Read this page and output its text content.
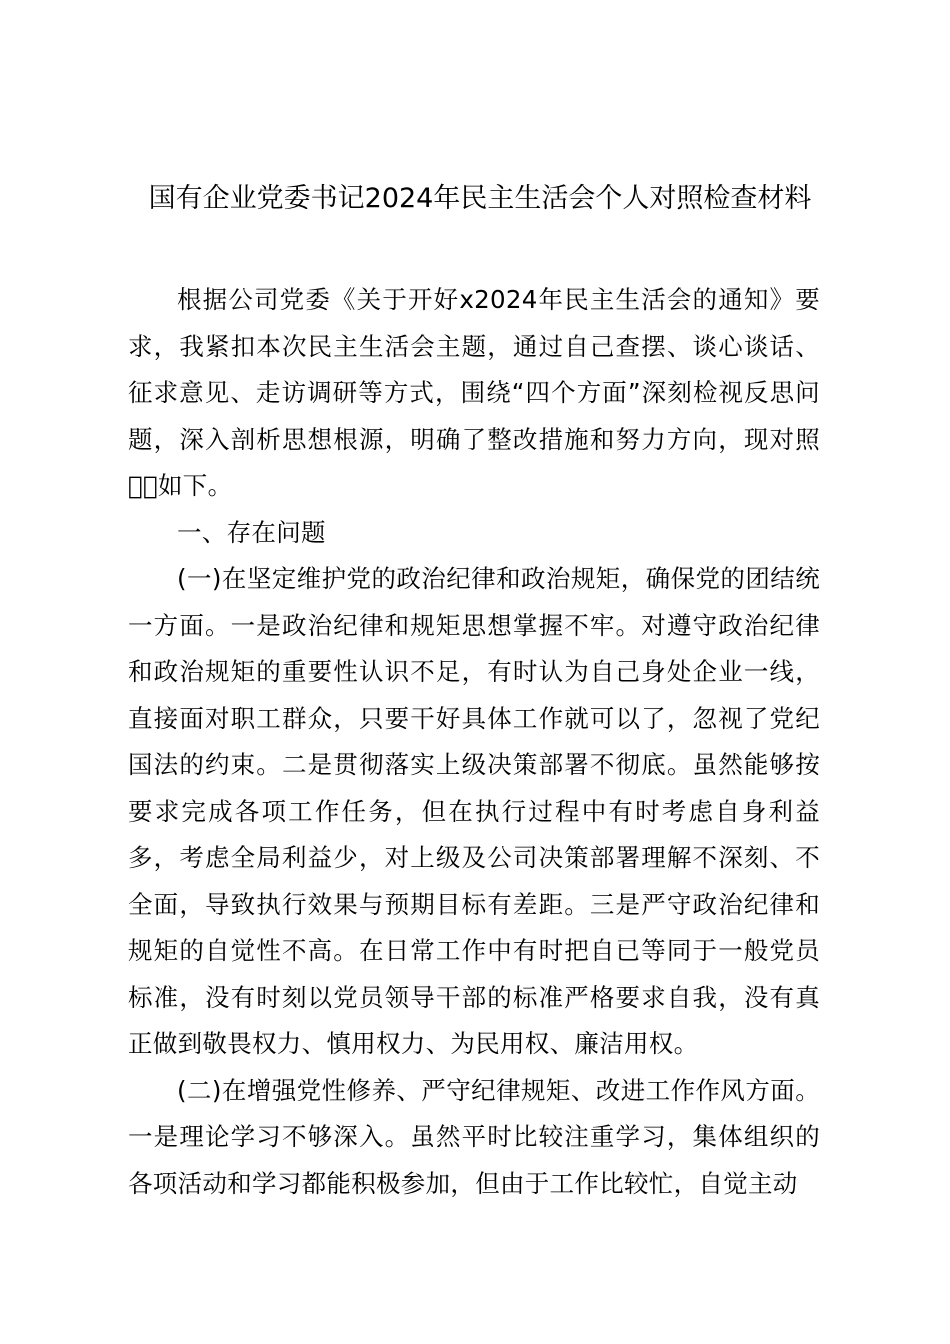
国有企业党委书记2024年民主生活会个人对照检查材料

根据公司党委《关于开好x2024年民主生活会的通知》要求，我紧扣本次民主生活会主题，通过自己查摆、谈心谈话、征求意见、走访调研等方式，围绕“四个方面”深刻检视反思问题，深入剖析思想根源，明确了整改措施和努力方向，现对照􀀀􀀀如下。

一、存在问题

(一)在坚定维护党的政治纪律和政治规矩，确保党的团结统一方面。一是政治纪律和规矩思想掌握不牢。对遵守政治纪律和政治规矩的重要性认识不足，有时认为自己身处企业一线，直接面对职工群众，只要干好具体工作就可以了，忽视了党纪国法的约束。二是贯彻落实上级决策部署不彻底。虽然能够按要求完成各项工作任务，但在执行过程中有时考虑自身利益多，考虑全局利益少，对上级及公司决策部署理解不深刻、不全面，导致执行效果与预期目标有差距。三是严守政治纪律和规矩的自觉性不高。在日常工作中有时把自已等同于一般党员标准，没有时刻以党员领导干部的标准严格要求自我，没有真正做到敬畏权力、慎用权力、为民用权、廉洁用权。

(二)在增强党性修养、严守纪律规矩、改进工作作风方面。一是理论学习不够深入。虽然平时比较注重学习，集体组织的各项活动和学习都能积极参加，但由于工作比较忙，自觉主动
